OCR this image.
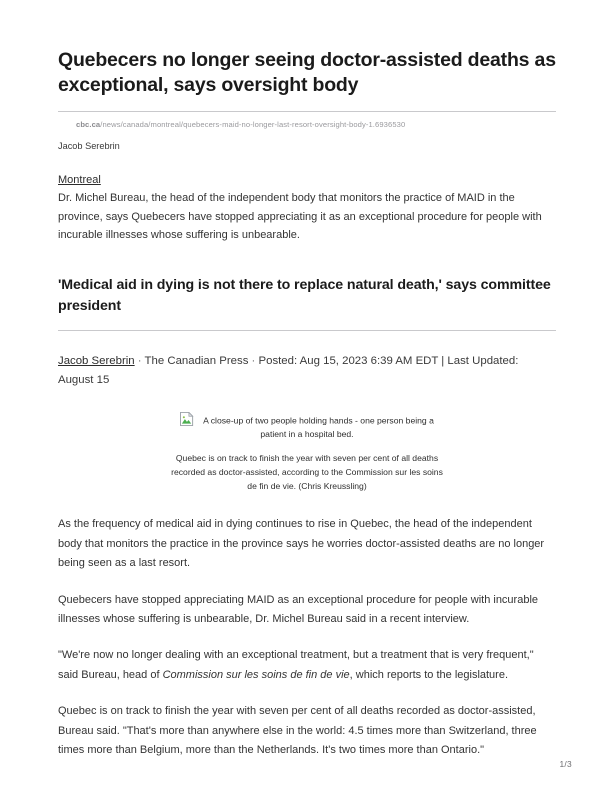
Quebecers no longer seeing doctor-assisted deaths as exceptional, says oversight body
cbc.ca/news/canada/montreal/quebecers-maid-no-longer-last-resort-oversight-body-1.6936530
Jacob Serebrin
Montreal

Dr. Michel Bureau, the head of the independent body that monitors the practice of MAID in the province, says Quebecers have stopped appreciating it as an exceptional procedure for people with incurable illnesses whose suffering is unbearable.

'Medical aid in dying is not there to replace natural death,' says committee president

Jacob Serebrin · The Canadian Press · Posted: Aug 15, 2023 6:39 AM EDT | Last Updated: August 15

A close-up of two people holding hands - one person being a patient in a hospital bed.
Quebec is on track to finish the year with seven per cent of all deaths recorded as doctor-assisted, according to the Commission sur les soins de fin de vie. (Chris Kreussling)

As the frequency of medical aid in dying continues to rise in Quebec, the head of the independent body that monitors the practice in the province says he worries doctor-assisted deaths are no longer being seen as a last resort.

Quebecers have stopped appreciating MAID as an exceptional procedure for people with incurable illnesses whose suffering is unbearable, Dr. Michel Bureau said in a recent interview.

"We're now no longer dealing with an exceptional treatment, but a treatment that is very frequent," said Bureau, head of Commission sur les soins de fin de vie, which reports to the legislature.

Quebec is on track to finish the year with seven per cent of all deaths recorded as doctor-assisted, Bureau said. "That's more than anywhere else in the world: 4.5 times more than Switzerland, three times more than Belgium, more than the Netherlands. It's two times more than Ontario."

1/3
